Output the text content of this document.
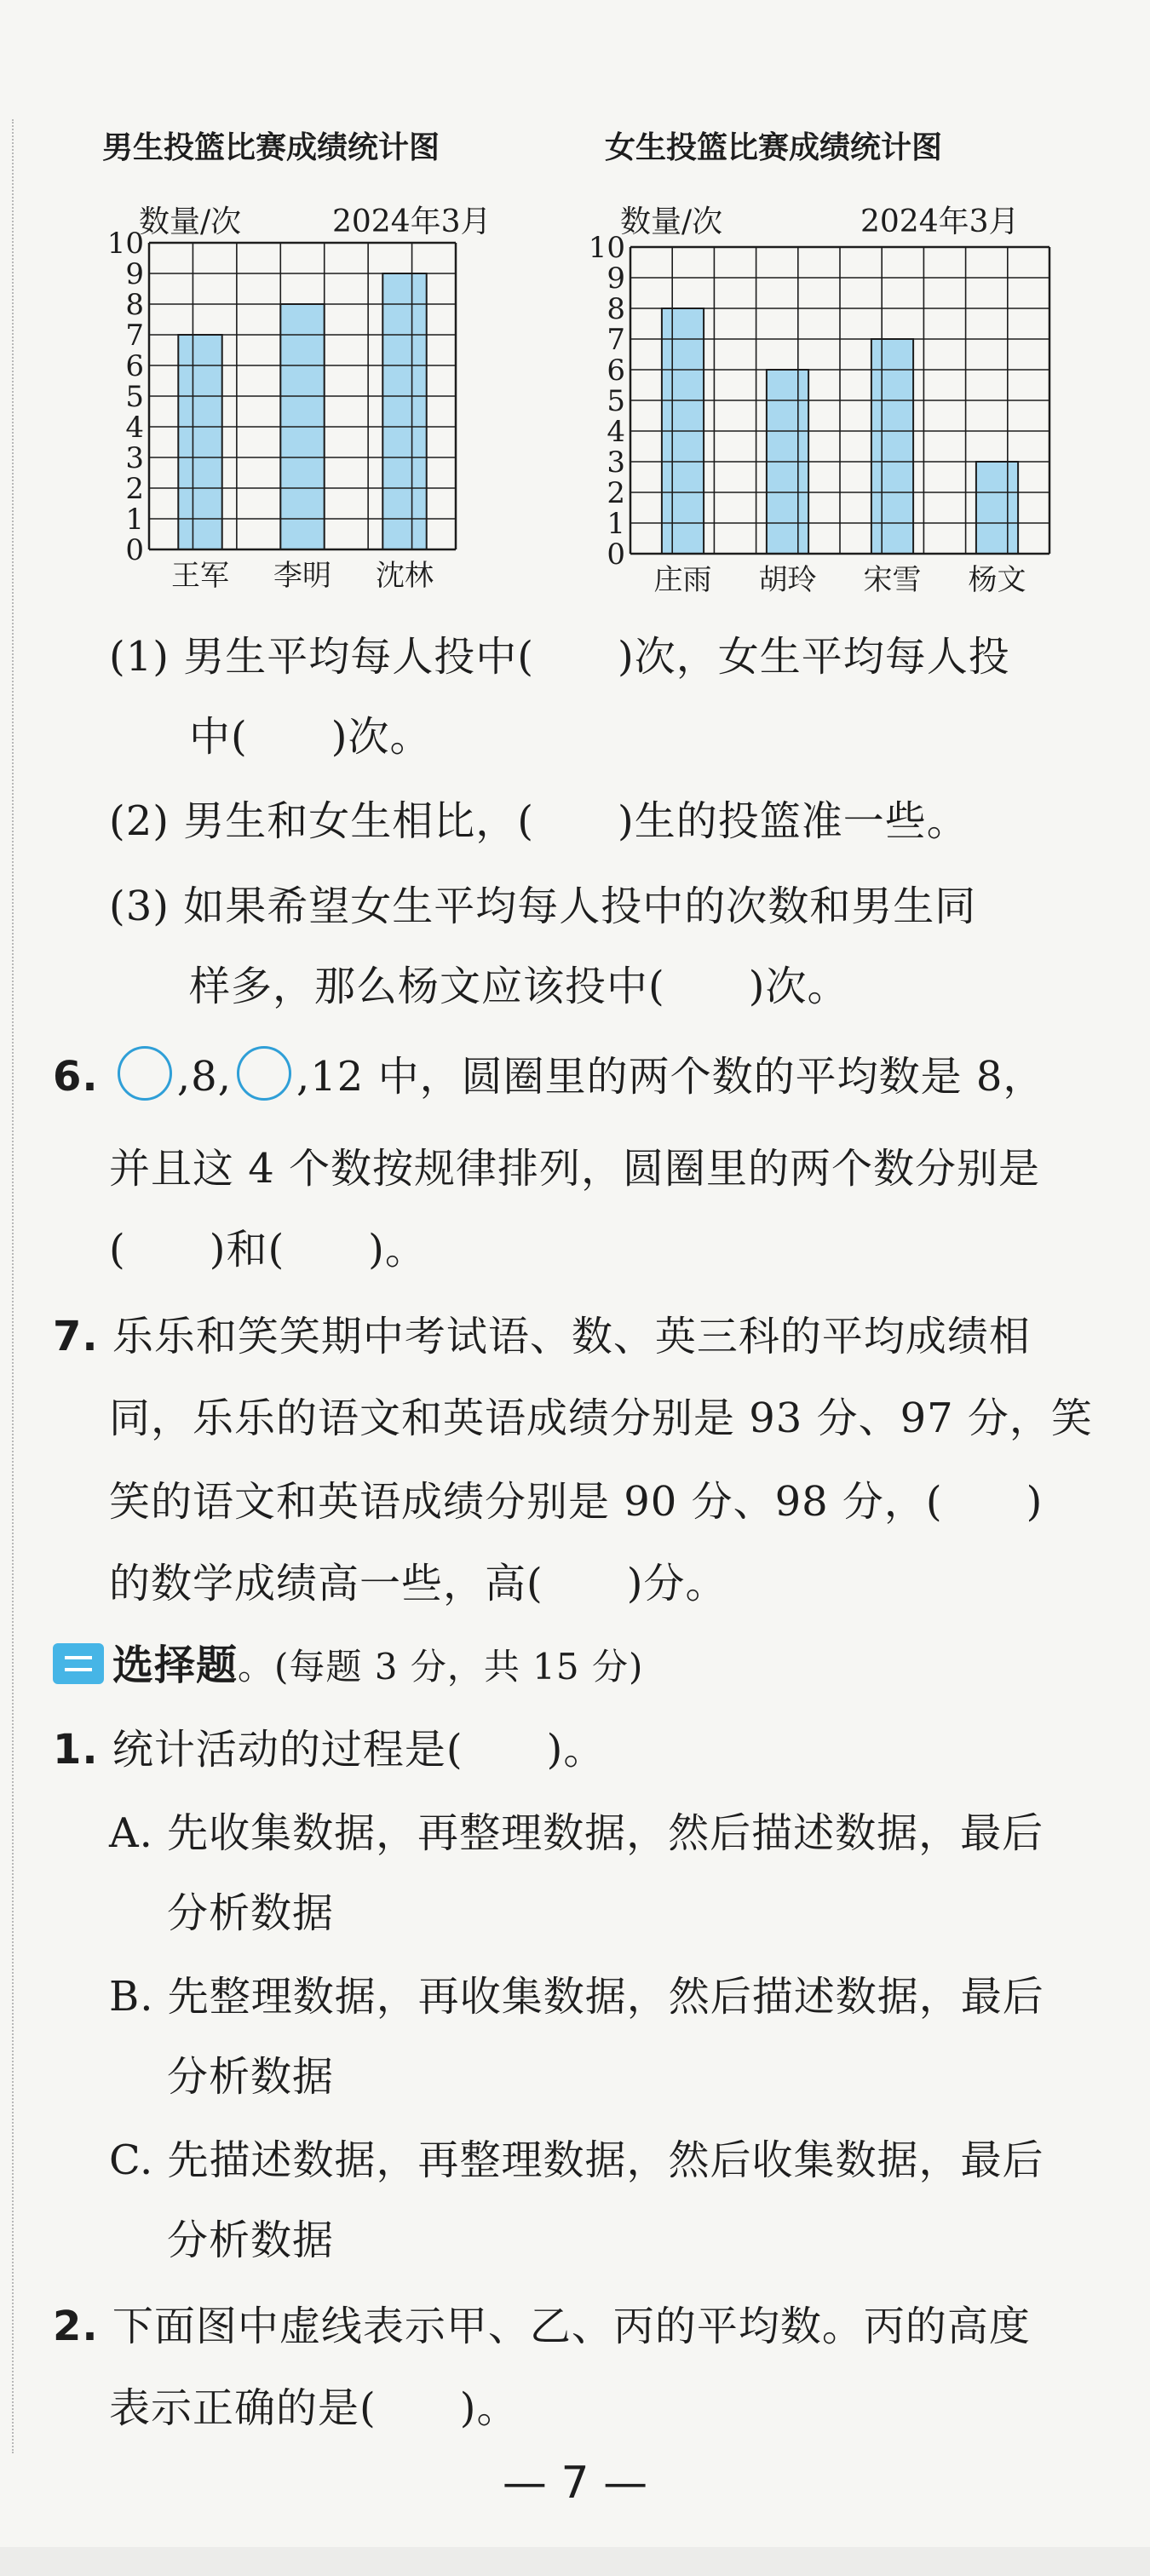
男生投篮比赛成绩统计图
数量/次	2024年3月
王军 李明 沈林
0
1
2
3
4
5
6
7
8
9
10
女生投篮比赛成绩统计图
数量/次	2024年3月
庄雨 胡玲 宋雪 杨文
0
1
2
3
4
5
6
7
8
9
10
(1) 男生平均每人投中(　　)次，女生平均每人投
中(　　)次。
(2) 男生和女生相比，(　　)生的投篮准一些。
(3) 如果希望女生平均每人投中的次数和男生同
样多，那么杨文应该投中(　　)次。
6. ,8, ,12 中，圆圈里的两个数的平均数是 8，
并且这 4 个数按规律排列，圆圈里的两个数分别是
(　　)和(　　)。
7. 乐乐和笑笑期中考试语、数、英三科的平均成绩相
同，乐乐的语文和英语成绩分别是 93 分、97 分，笑
笑的语文和英语成绩分别是 90 分、98 分，(　　)
的数学成绩高一些，高(　　)分。
选择题。(每题 3 分，共 15 分)
1. 统计活动的过程是(　　)。
A. 先收集数据，再整理数据，然后描述数据，最后
分析数据
B. 先整理数据，再收集数据，然后描述数据，最后
分析数据
C. 先描述数据，再整理数据，然后收集数据，最后
分析数据
2. 下面图中虚线表示甲、乙、丙的平均数。丙的高度
表示正确的是(　　)。
— 7 —
